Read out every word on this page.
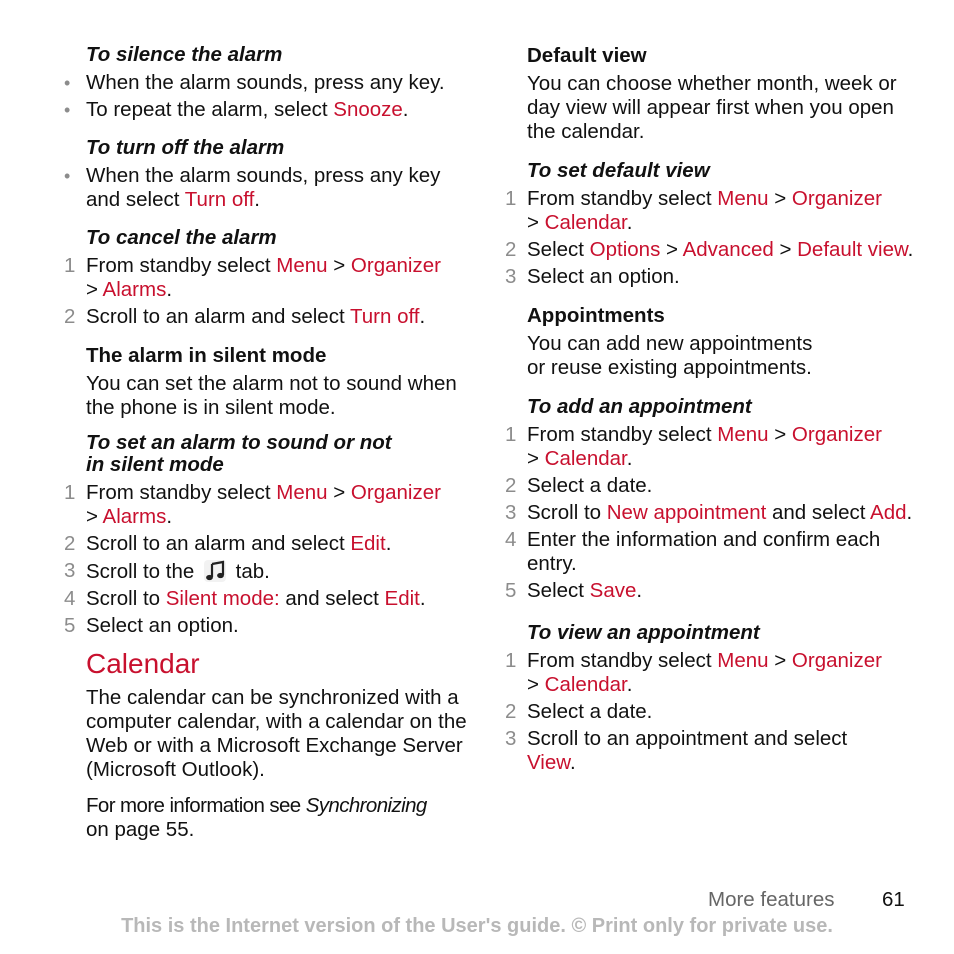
To silence the alarm
• When the alarm sounds, press any key.
• To repeat the alarm, select Snooze.
To turn off the alarm
• When the alarm sounds, press any key and select Turn off.
To cancel the alarm
1 From standby select Menu > Organizer
> Alarms.
2 Scroll to an alarm and select Turn off.
The alarm in silent mode
You can set the alarm not to sound when the phone is in silent mode.
To set an alarm to sound or not
in silent mode
1 From standby select Menu > Organizer
> Alarms.
2 Scroll to an alarm and select Edit.
3 Scroll to the tab.
4 Scroll to Silent mode: and select Edit.
5 Select an option.
Calendar
The calendar can be synchronized with a computer calendar, with a calendar on the Web or with a Microsoft Exchange Server (Microsoft Outlook).
For more information see Synchronizing
on page 55.
Default view
You can choose whether month, week or day view will appear first when you open the calendar.
To set default view
1 From standby select Menu > Organizer
> Calendar.
2 Select Options > Advanced > Default view.
3 Select an option.
Appointments
You can add new appointments
or reuse existing appointments.
To add an appointment
1 From standby select Menu > Organizer
> Calendar.
2 Select a date.
3 Scroll to New appointment and select Add.
4 Enter the information and confirm each entry.
5 Select Save.
To view an appointment
1 From standby select Menu > Organizer
> Calendar.
2 Select a date.
3 Scroll to an appointment and select
View.
More features 61
This is the Internet version of the User's guide. © Print only for private use.
